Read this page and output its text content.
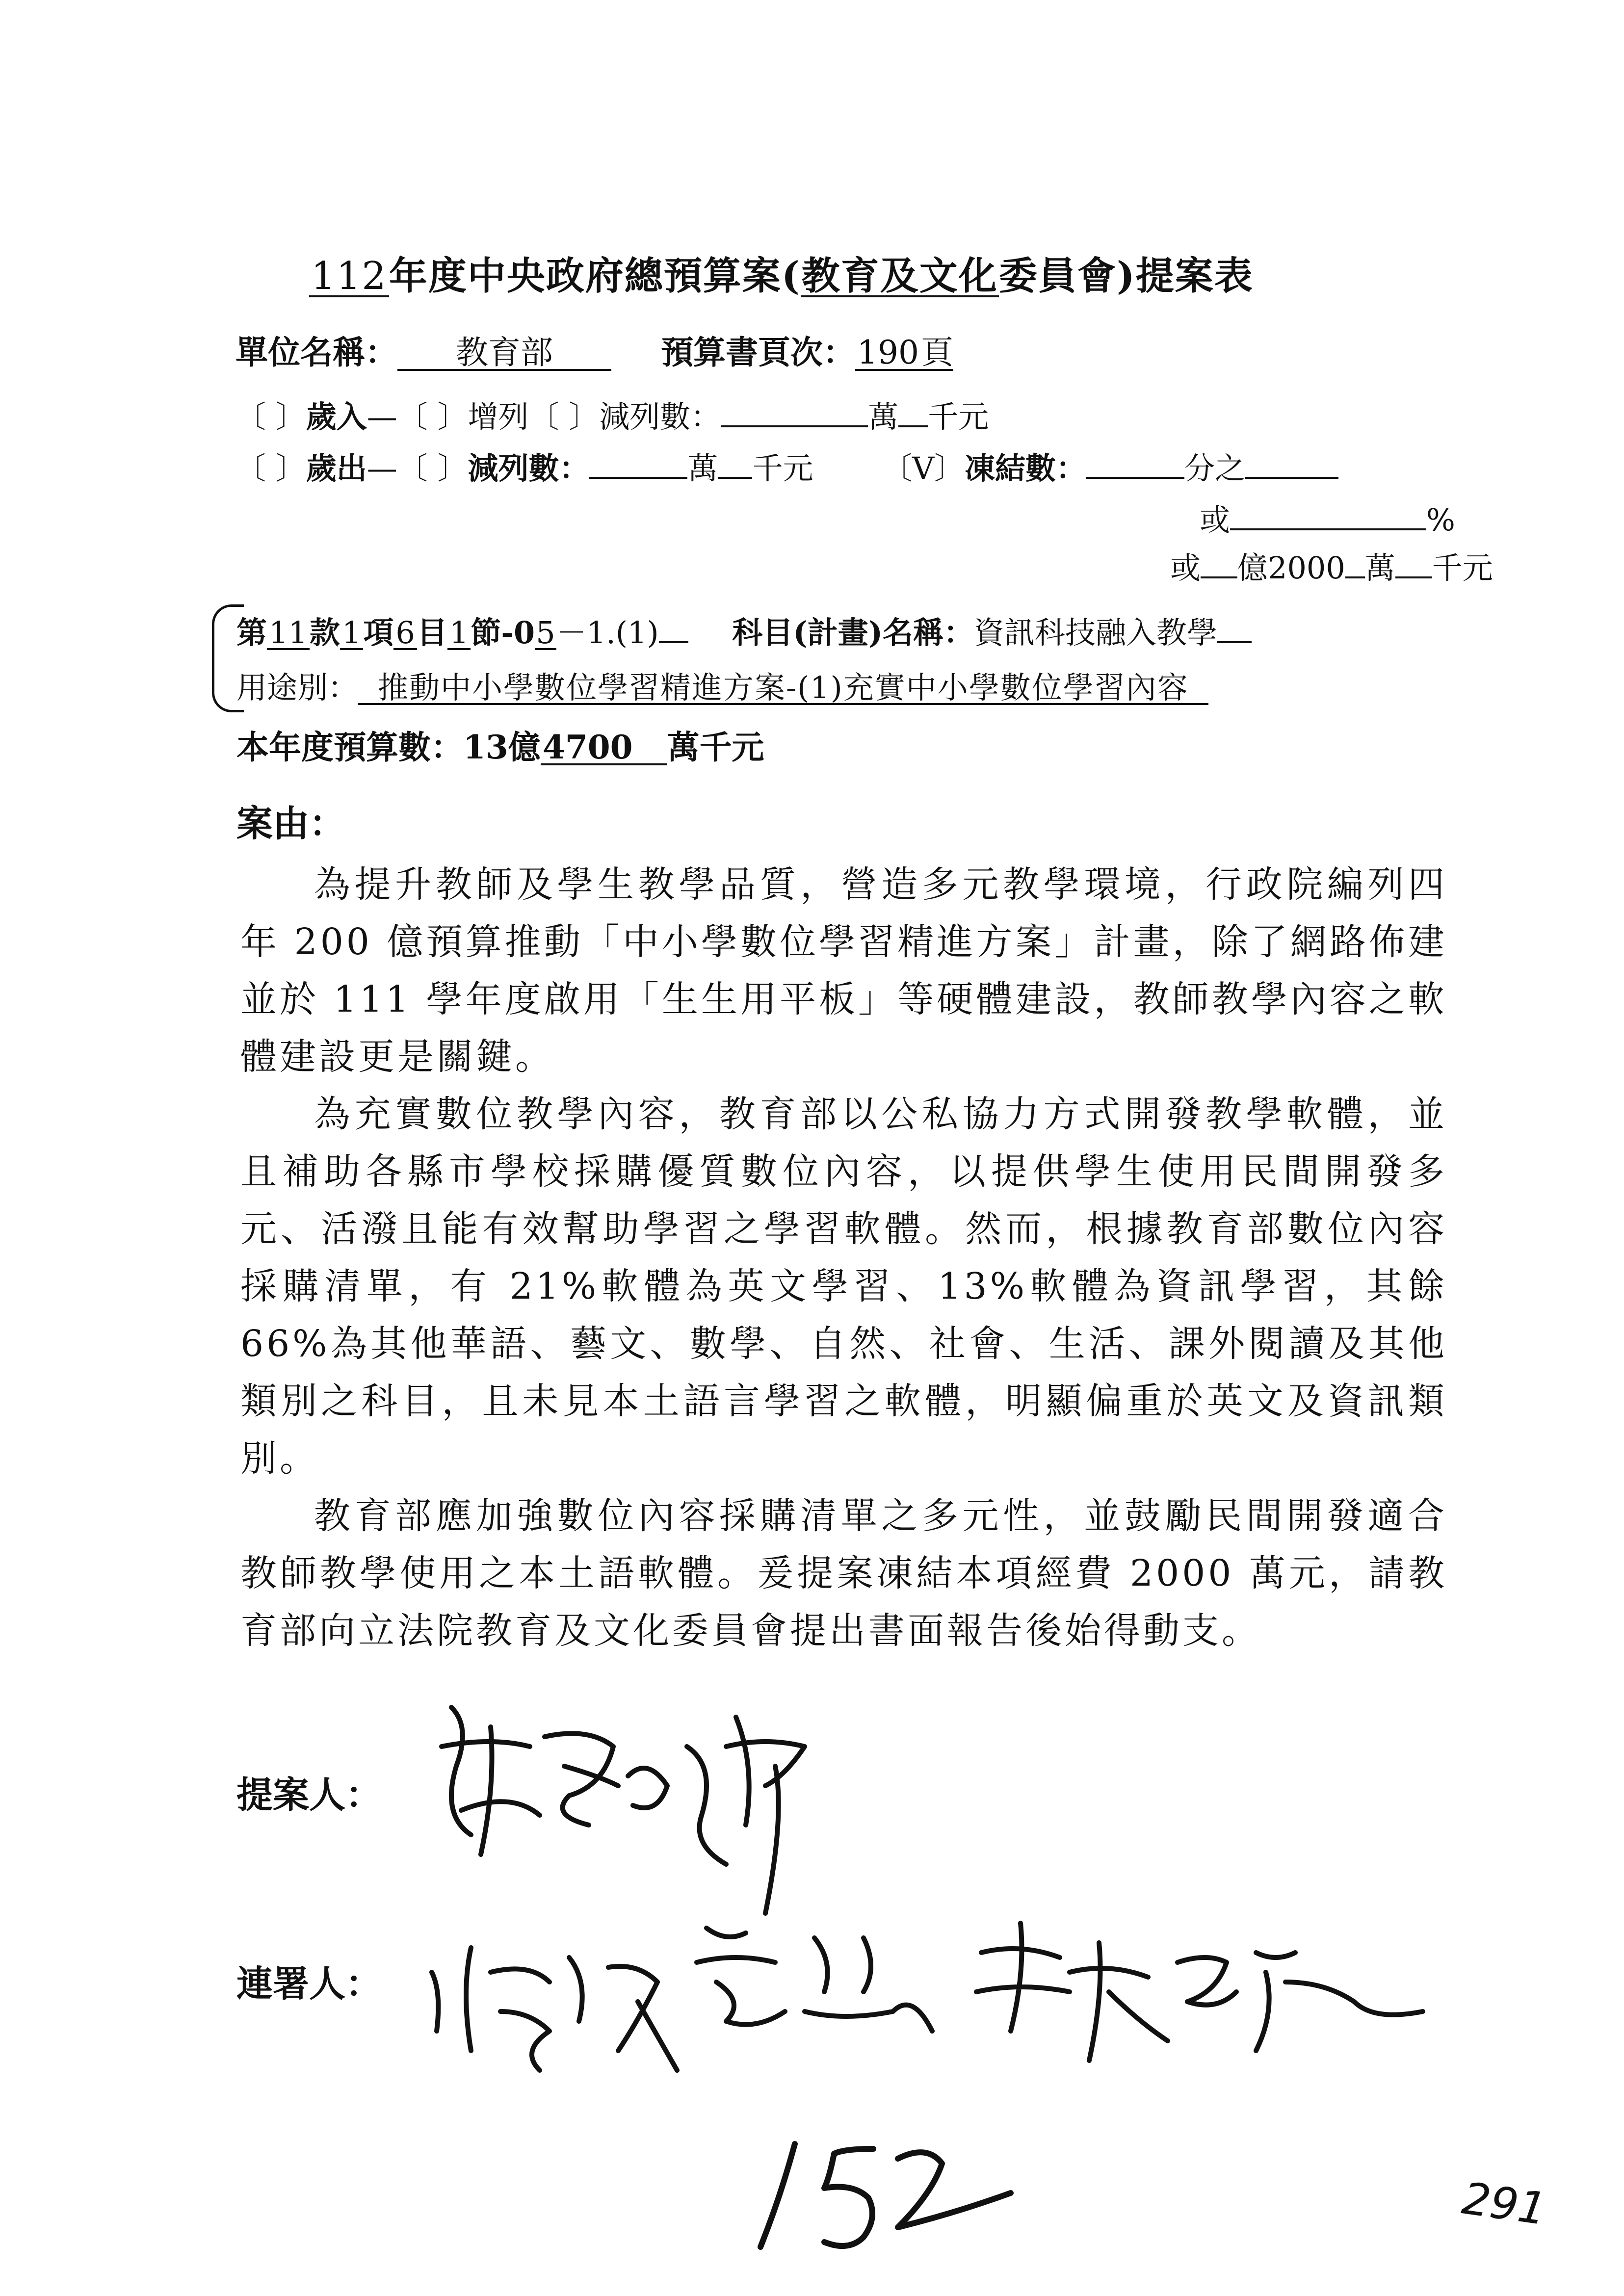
112年度中央政府總預算案(教育及文化委員會)提案表
單位名稱： 教育部	預算書頁次：190頁
〔 〕歲入—〔 〕增列〔 〕減列數：	萬 千元
〔 〕歲出—〔 〕減列數：	萬 千元 〔V〕凍結數：	分之
或	%
或 億2000 萬 千元
第11款1項6目1節-05－1.(1) 科目(計畫)名稱：資訊科技融入教學
用途別： 推動中小學數位學習精進方案-(1)充實中小學數位學習內容
本年度預算數：13億4700 萬千元
案由：

為提升教師及學生教學品質，營造多元教學環境，行政院編列四年 200 億預算推動「中小學數位學習精進方案」計畫，除了網路佈建並於 111 學年度啟用「生生用平板」等硬體建設，教師教學內容之軟體建設更是關鍵。

為充實數位教學內容，教育部以公私協力方式開發教學軟體，並且補助各縣市學校採購優質數位內容，以提供學生使用民間開發多元、活潑且能有效幫助學習之學習軟體。然而，根據教育部數位內容採購清單，有 21%軟體為英文學習、13%軟體為資訊學習，其餘 66%為其他華語、藝文、數學、自然、社會、生活、課外閱讀及其他類別之科目，且未見本土語言學習之軟體，明顯偏重於英文及資訊類別。

教育部應加強數位內容採購清單之多元性，並鼓勵民間開發適合教師教學使用之本土語軟體。爰提案凍結本項經費 2000 萬元，請教育部向立法院教育及文化委員會提出書面報告後始得動支。

提案人：
連署人：
291
